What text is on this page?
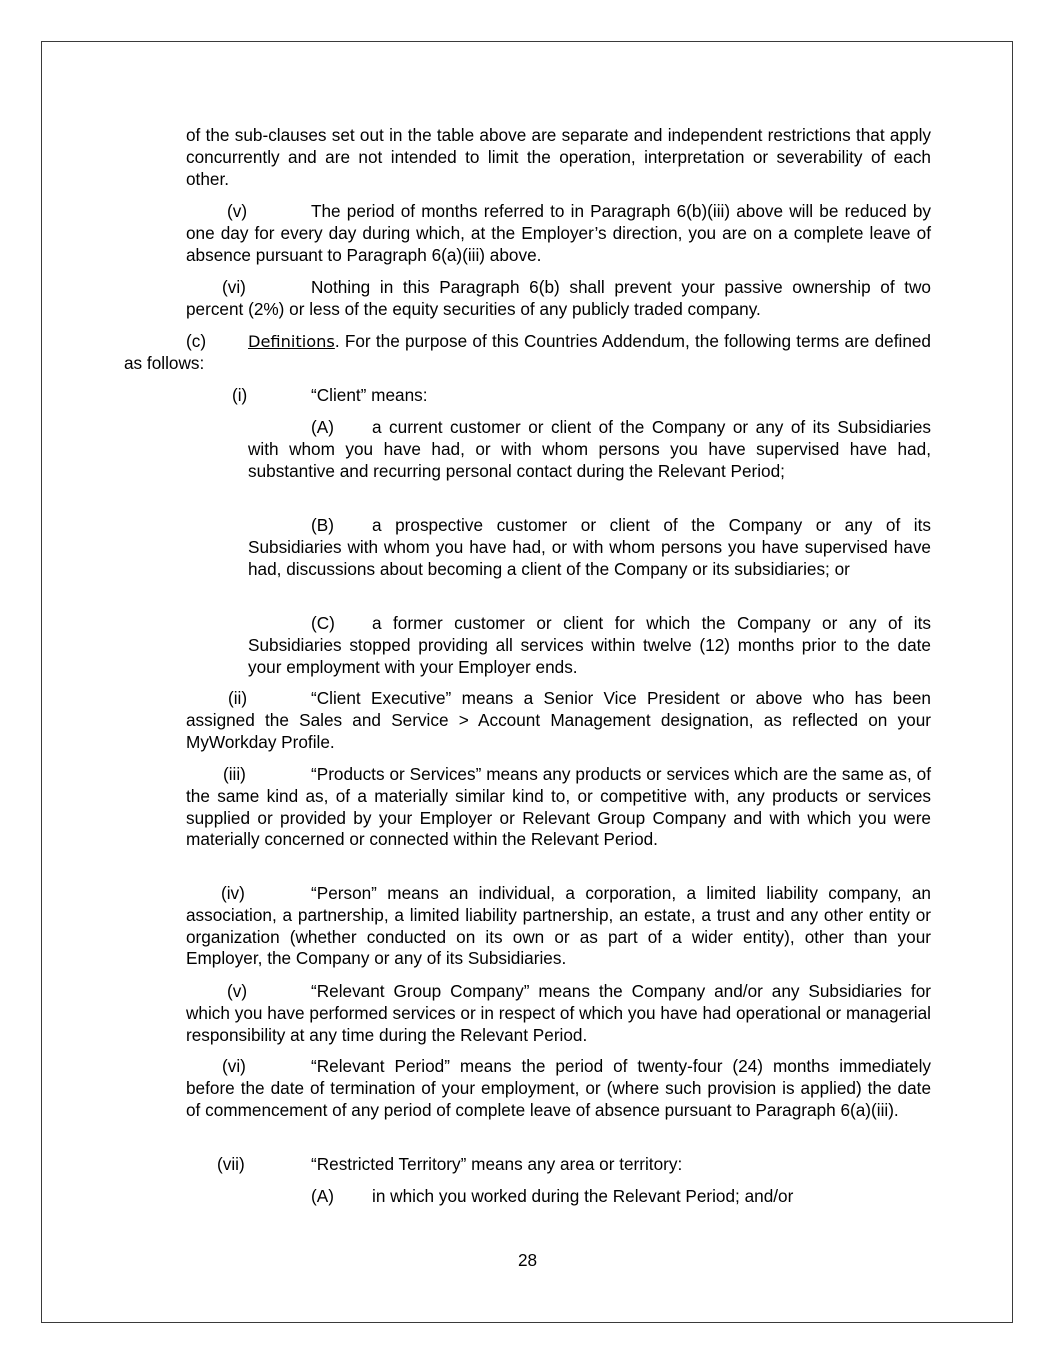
of the sub-clauses set out in the table above are separate and independent restrictions that apply concurrently and are not intended to limit the operation, interpretation or severability of each other.

(v)	The period of months referred to in Paragraph 6(b)(iii) above will be reduced by one day for every day during which, at the Employer’s direction, you are on a complete leave of absence pursuant to Paragraph 6(a)(iii) above.

(vi)	Nothing in this Paragraph 6(b) shall prevent your passive ownership of two percent (2%) or less of the equity securities of any publicly traded company.

(c)	Definitions. For the purpose of this Countries Addendum, the following terms are defined as follows:

(i)	“Client” means:

(A) a current customer or client of the Company or any of its Subsidiaries with whom you have had, or with whom persons you have supervised have had, substantive and recurring personal contact during the Relevant Period;

(B) a prospective customer or client of the Company or any of its Subsidiaries with whom you have had, or with whom persons you have supervised have had, discussions about becoming a client of the Company or its subsidiaries; or

(C) a former customer or client for which the Company or any of its Subsidiaries stopped providing all services within twelve (12) months prior to the date your employment with your Employer ends.

(ii)	“Client Executive” means a Senior Vice President or above who has been assigned the Sales and Service > Account Management designation, as reflected on your MyWorkday Profile.

(iii)	“Products or Services” means any products or services which are the same as, of the same kind as, of a materially similar kind to, or competitive with, any products or services supplied or provided by your Employer or Relevant Group Company and with which you were materially concerned or connected within the Relevant Period.

(iv)	“Person” means an individual, a corporation, a limited liability company, an association, a partnership, a limited liability partnership, an estate, a trust and any other entity or organization (whether conducted on its own or as part of a wider entity), other than your Employer, the Company or any of its Subsidiaries.

(v)	“Relevant Group Company” means the Company and/or any Subsidiaries for which you have performed services or in respect of which you have had operational or managerial responsibility at any time during the Relevant Period.

(vi)	“Relevant Period” means the period of twenty-four (24) months immediately before the date of termination of your employment, or (where such provision is applied) the date of commencement of any period of complete leave of absence pursuant to Paragraph 6(a)(iii).

(vii)	“Restricted Territory” means any area or territory:

(A) in which you worked during the Relevant Period; and/or

28
